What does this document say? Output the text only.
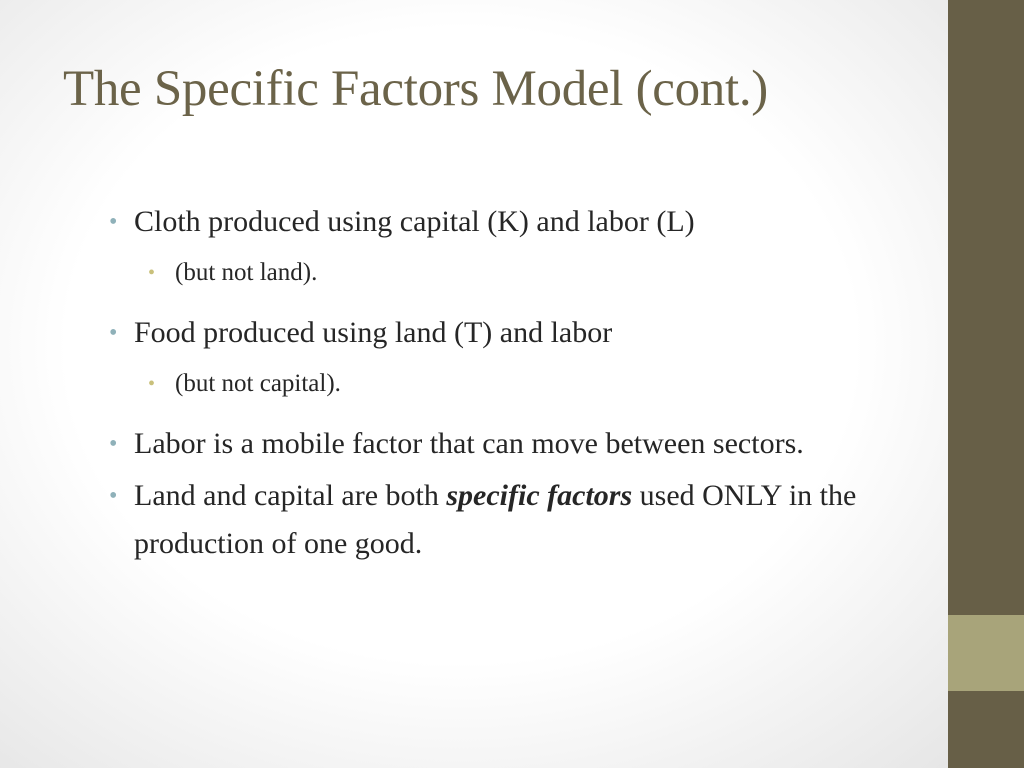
The Specific Factors Model (cont.)
• Cloth produced using capital (K) and labor (L)
• (but not land).
• Food produced using land (T) and labor
• (but not capital).
• Labor is a mobile factor that can move between sectors.
• Land and capital are both specific factors used ONLY in the production of one good.
